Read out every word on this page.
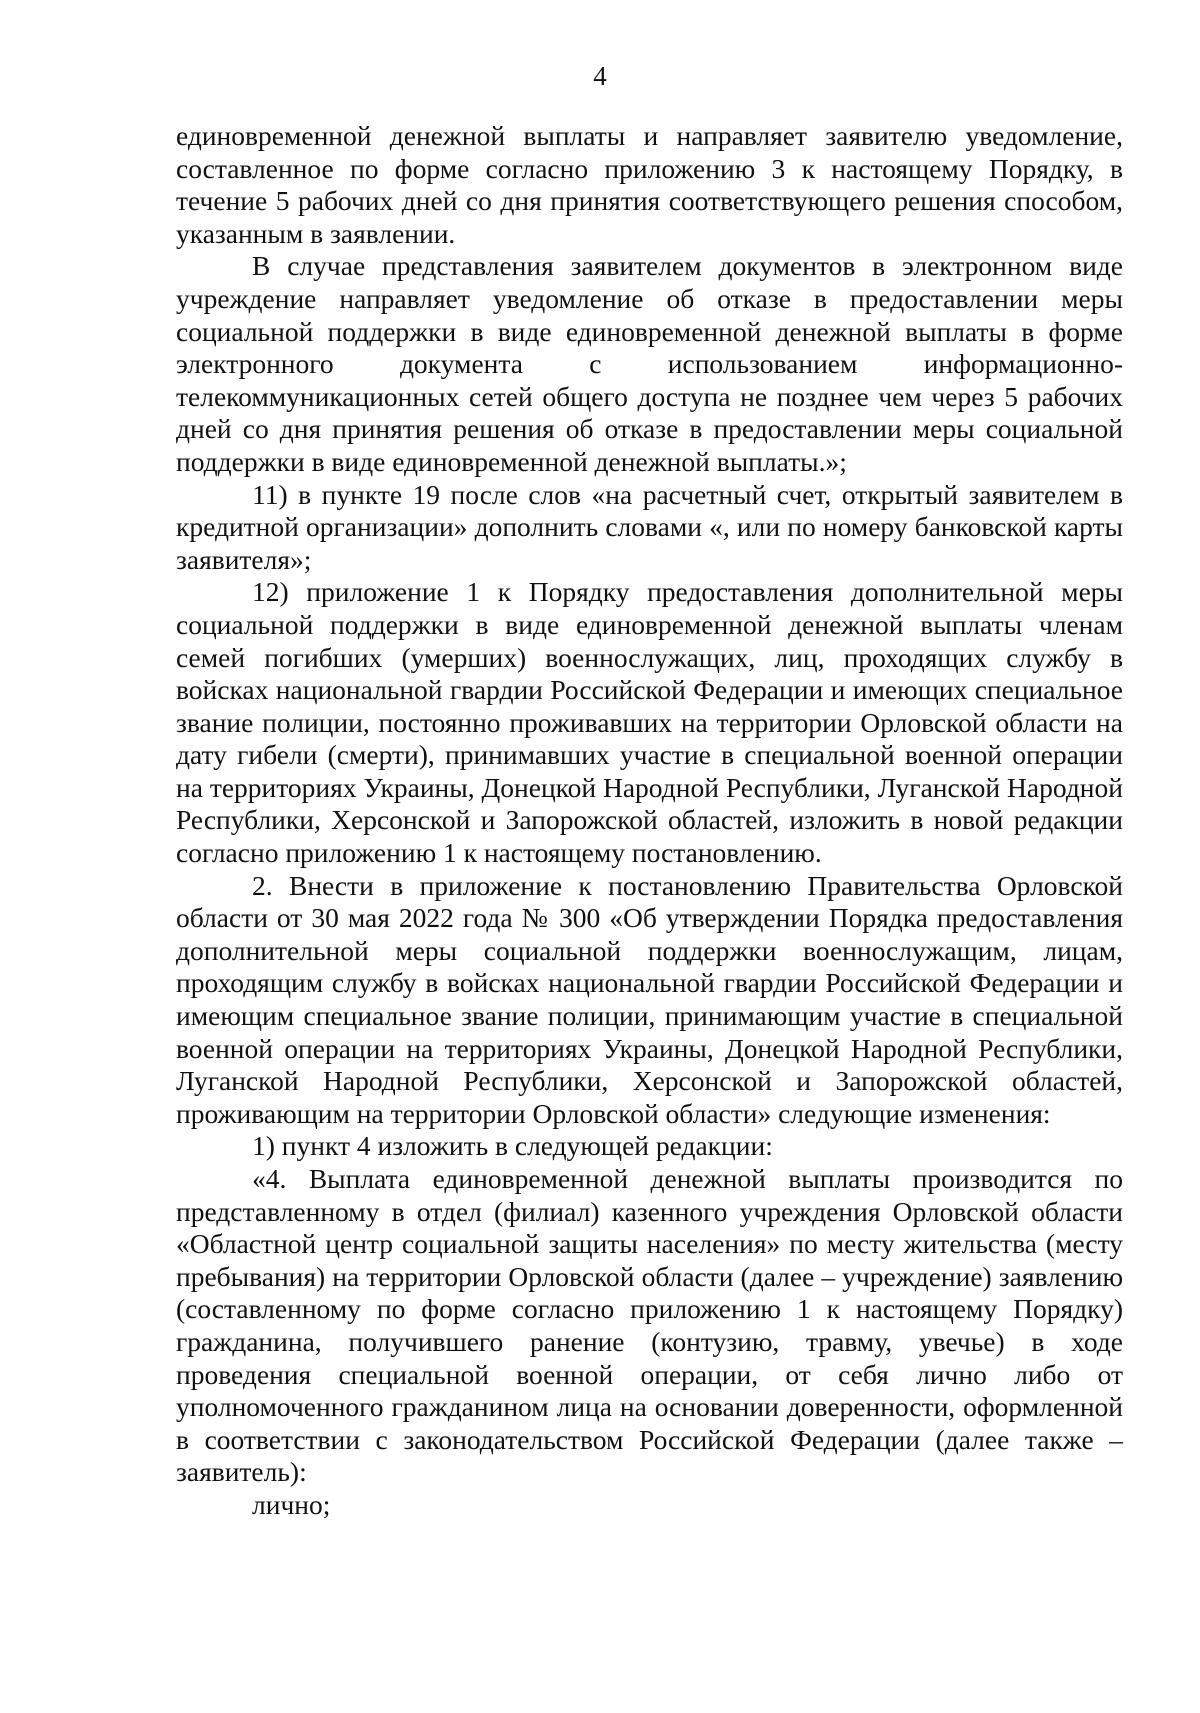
4

единовременной денежной выплаты и направляет заявителю уведомление, составленное по форме согласно приложению 3 к настоящему Порядку, в течение 5 рабочих дней со дня принятия соответствующего решения способом, указанным в заявлении.

В случае представления заявителем документов в электронном виде учреждение направляет уведомление об отказе в предоставлении меры социальной поддержки в виде единовременной денежной выплаты в форме электронного документа с использованием информационно-телекоммуникационных сетей общего доступа не позднее чем через 5 рабочих дней со дня принятия решения об отказе в предоставлении меры социальной поддержки в виде единовременной денежной выплаты.»;

11) в пункте 19 после слов «на расчетный счет, открытый заявителем в кредитной организации» дополнить словами «, или по номеру банковской карты заявителя»;

12) приложение 1 к Порядку предоставления дополнительной меры социальной поддержки в виде единовременной денежной выплаты членам семей погибших (умерших) военнослужащих, лиц, проходящих службу в войсках национальной гвардии Российской Федерации и имеющих специальное звание полиции, постоянно проживавших на территории Орловской области на дату гибели (смерти), принимавших участие в специальной военной операции на территориях Украины, Донецкой Народной Республики, Луганской Народной Республики, Херсонской и Запорожской областей, изложить в новой редакции согласно приложению 1 к настоящему постановлению.

2. Внести в приложение к постановлению Правительства Орловской области от 30 мая 2022 года № 300 «Об утверждении Порядка предоставления дополнительной меры социальной поддержки военнослужащим, лицам, проходящим службу в войсках национальной гвардии Российской Федерации и имеющим специальное звание полиции, принимающим участие в специальной военной операции на территориях Украины, Донецкой Народной Республики, Луганской Народной Республики, Херсонской и Запорожской областей, проживающим на территории Орловской области» следующие изменения:

1) пункт 4 изложить в следующей редакции:

«4. Выплата единовременной денежной выплаты производится по представленному в отдел (филиал) казенного учреждения Орловской области «Областной центр социальной защиты населения» по месту жительства (месту пребывания) на территории Орловской области (далее – учреждение) заявлению (составленному по форме согласно приложению 1 к настоящему Порядку) гражданина, получившего ранение (контузию, травму, увечье) в ходе проведения специальной военной операции, от себя лично либо от уполномоченного гражданином лица на основании доверенности, оформленной в соответствии с законодательством Российской Федерации (далее также – заявитель):

лично;
